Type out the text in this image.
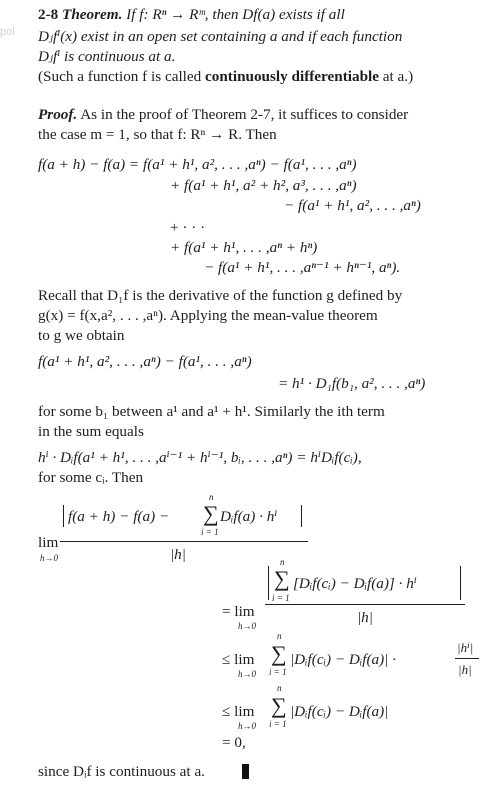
pol
2-8 Theorem. If f: Rⁿ → Rᵐ, then Df(a) exists if all
Dⱼfⁱ(x) exist in an open set containing a and if each function
Dⱼfⁱ is continuous at a.
(Such a function f is called continuously differentiable at a.)
Proof. As in the proof of Theorem 2-7, it suffices to consider
the case m = 1, so that f: Rⁿ → R. Then
f(a + h) − f(a) = f(a¹ + h¹, a², . . . ,aⁿ) − f(a¹, . . . ,aⁿ)
+ f(a¹ + h¹, a² + h², a³, . . . ,aⁿ)
− f(a¹ + h¹, a², . . . ,aⁿ)
+ · · ·
+ f(a¹ + h¹, . . . ,aⁿ + hⁿ)
− f(a¹ + h¹, . . . ,aⁿ⁻¹ + hⁿ⁻¹, aⁿ).
Recall that D₁f is the derivative of the function g defined by
g(x) = f(x,a², . . . ,aⁿ). Applying the mean-value theorem
to g we obtain
f(a¹ + h¹, a², . . . ,aⁿ) − f(a¹, . . . ,aⁿ)
= h¹ · D₁f(b₁, a², . . . ,aⁿ)
for some b₁ between a¹ and a¹ + h¹. Similarly the ith term
in the sum equals
hⁱ · Dᵢf(a¹ + h¹, . . . ,aⁱ⁻¹ + hⁱ⁻¹, bᵢ, . . . ,aⁿ) = hⁱDᵢf(cᵢ),
for some cᵢ. Then
lim
h→0
f(a + h) − f(a) −
n
∑
i = 1
Dᵢf(a) · hⁱ
|h|
= lim
h→0
n
∑
i = 1
[Dᵢf(cᵢ) − Dᵢf(a)] · hⁱ
|h|
≤ lim
h→0
n
∑
i = 1
|Dᵢf(cᵢ) − Dᵢf(a)| ·
|hⁱ|
|h|
≤ lim
h→0
n
∑
i = 1
|Dᵢf(cᵢ) − Dᵢf(a)|
= 0,
since Dᵢf is continuous at a.
